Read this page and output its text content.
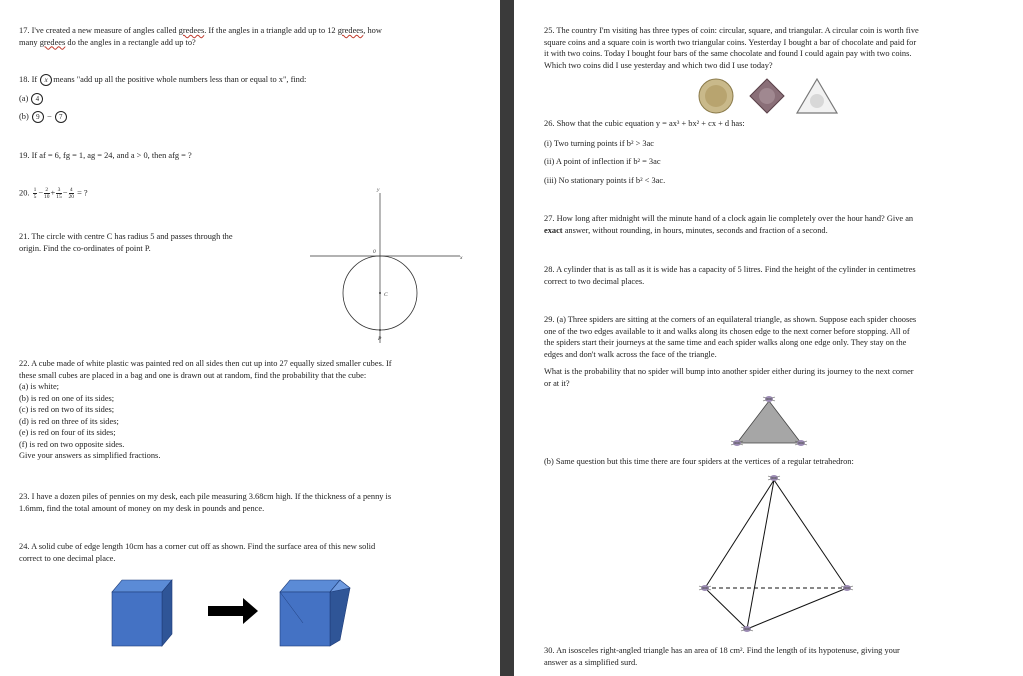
17. I've created a new measure of angles called gredees. If the angles in a triangle add up to 12 gredees, how
many gredees do the angles in a rectangle add up to?

18. If x means "add up all the positive whole numbers less than or equal to x", find:

(a) 4

(b) 9 − 7

19. If af = 6, fg = 1, ag = 24, and a > 0, then afg = ?

20. $\frac{1}{5} - \frac{2}{10} + \frac{3}{15} - \frac{4}{20}$ = ?

21. The circle with centre C has radius 5 and passes through the
origin. Find the co-ordinates of point P.

y
x
0
C
P
22. A cube made of white plastic was painted red on all sides then cut up into 27 equally sized smaller cubes. If
these small cubes are placed in a bag and one is drawn out at random, find the probability that the cube:
(a) is white;
(b) is red on one of its sides;
(c) is red on two of its sides;
(d) is red on three of its sides;
(e) is red on four of its sides;
(f) is red on two opposite sides.
Give your answers as simplified fractions.
23. I have a dozen piles of pennies on my desk, each pile measuring 3.68cm high. If the thickness of a penny is
1.6mm, find the total amount of money on my desk in pounds and pence.
24. A solid cube of edge length 10cm has a corner cut off as shown. Find the surface area of this new solid
correct to one decimal place.
25. The country I'm visiting has three types of coin: circular, square, and triangular. A circular coin is worth five
square coins and a square coin is worth two triangular coins. Yesterday I bought a bar of chocolate and paid for
it with two coins. Today I bought four bars of the same chocolate and found I could again pay with two coins.
Which two coins did I use yesterday and which two did I use today?
26. Show that the cubic equation y = ax³ + bx² + cx + d has:
(i) Two turning points if b² > 3ac
(ii) A point of inflection if b² = 3ac
(iii) No stationary points if b² < 3ac.
27. How long after midnight will the minute hand of a clock again lie completely over the hour hand? Give an
exact answer, without rounding, in hours, minutes, seconds and fraction of a second.
28. A cylinder that is as tall as it is wide has a capacity of 5 litres. Find the height of the cylinder in centimetres
correct to two decimal places.
29. (a) Three spiders are sitting at the corners of an equilateral triangle, as shown. Suppose each spider chooses
one of the two edges available to it and walks along its chosen edge to the next corner before stopping. All of
the spiders start their journeys at the same time and each spider walks along one edge only. They stay on the
edges and don't walk across the face of the triangle.
What is the probability that no spider will bump into another spider either during its journey to the next corner
or at it?
(b) Same question but this time there are four spiders at the vertices of a regular tetrahedron:
30. An isosceles right-angled triangle has an area of 18 cm². Find the length of its hypotenuse, giving your
answer as a simplified surd.
